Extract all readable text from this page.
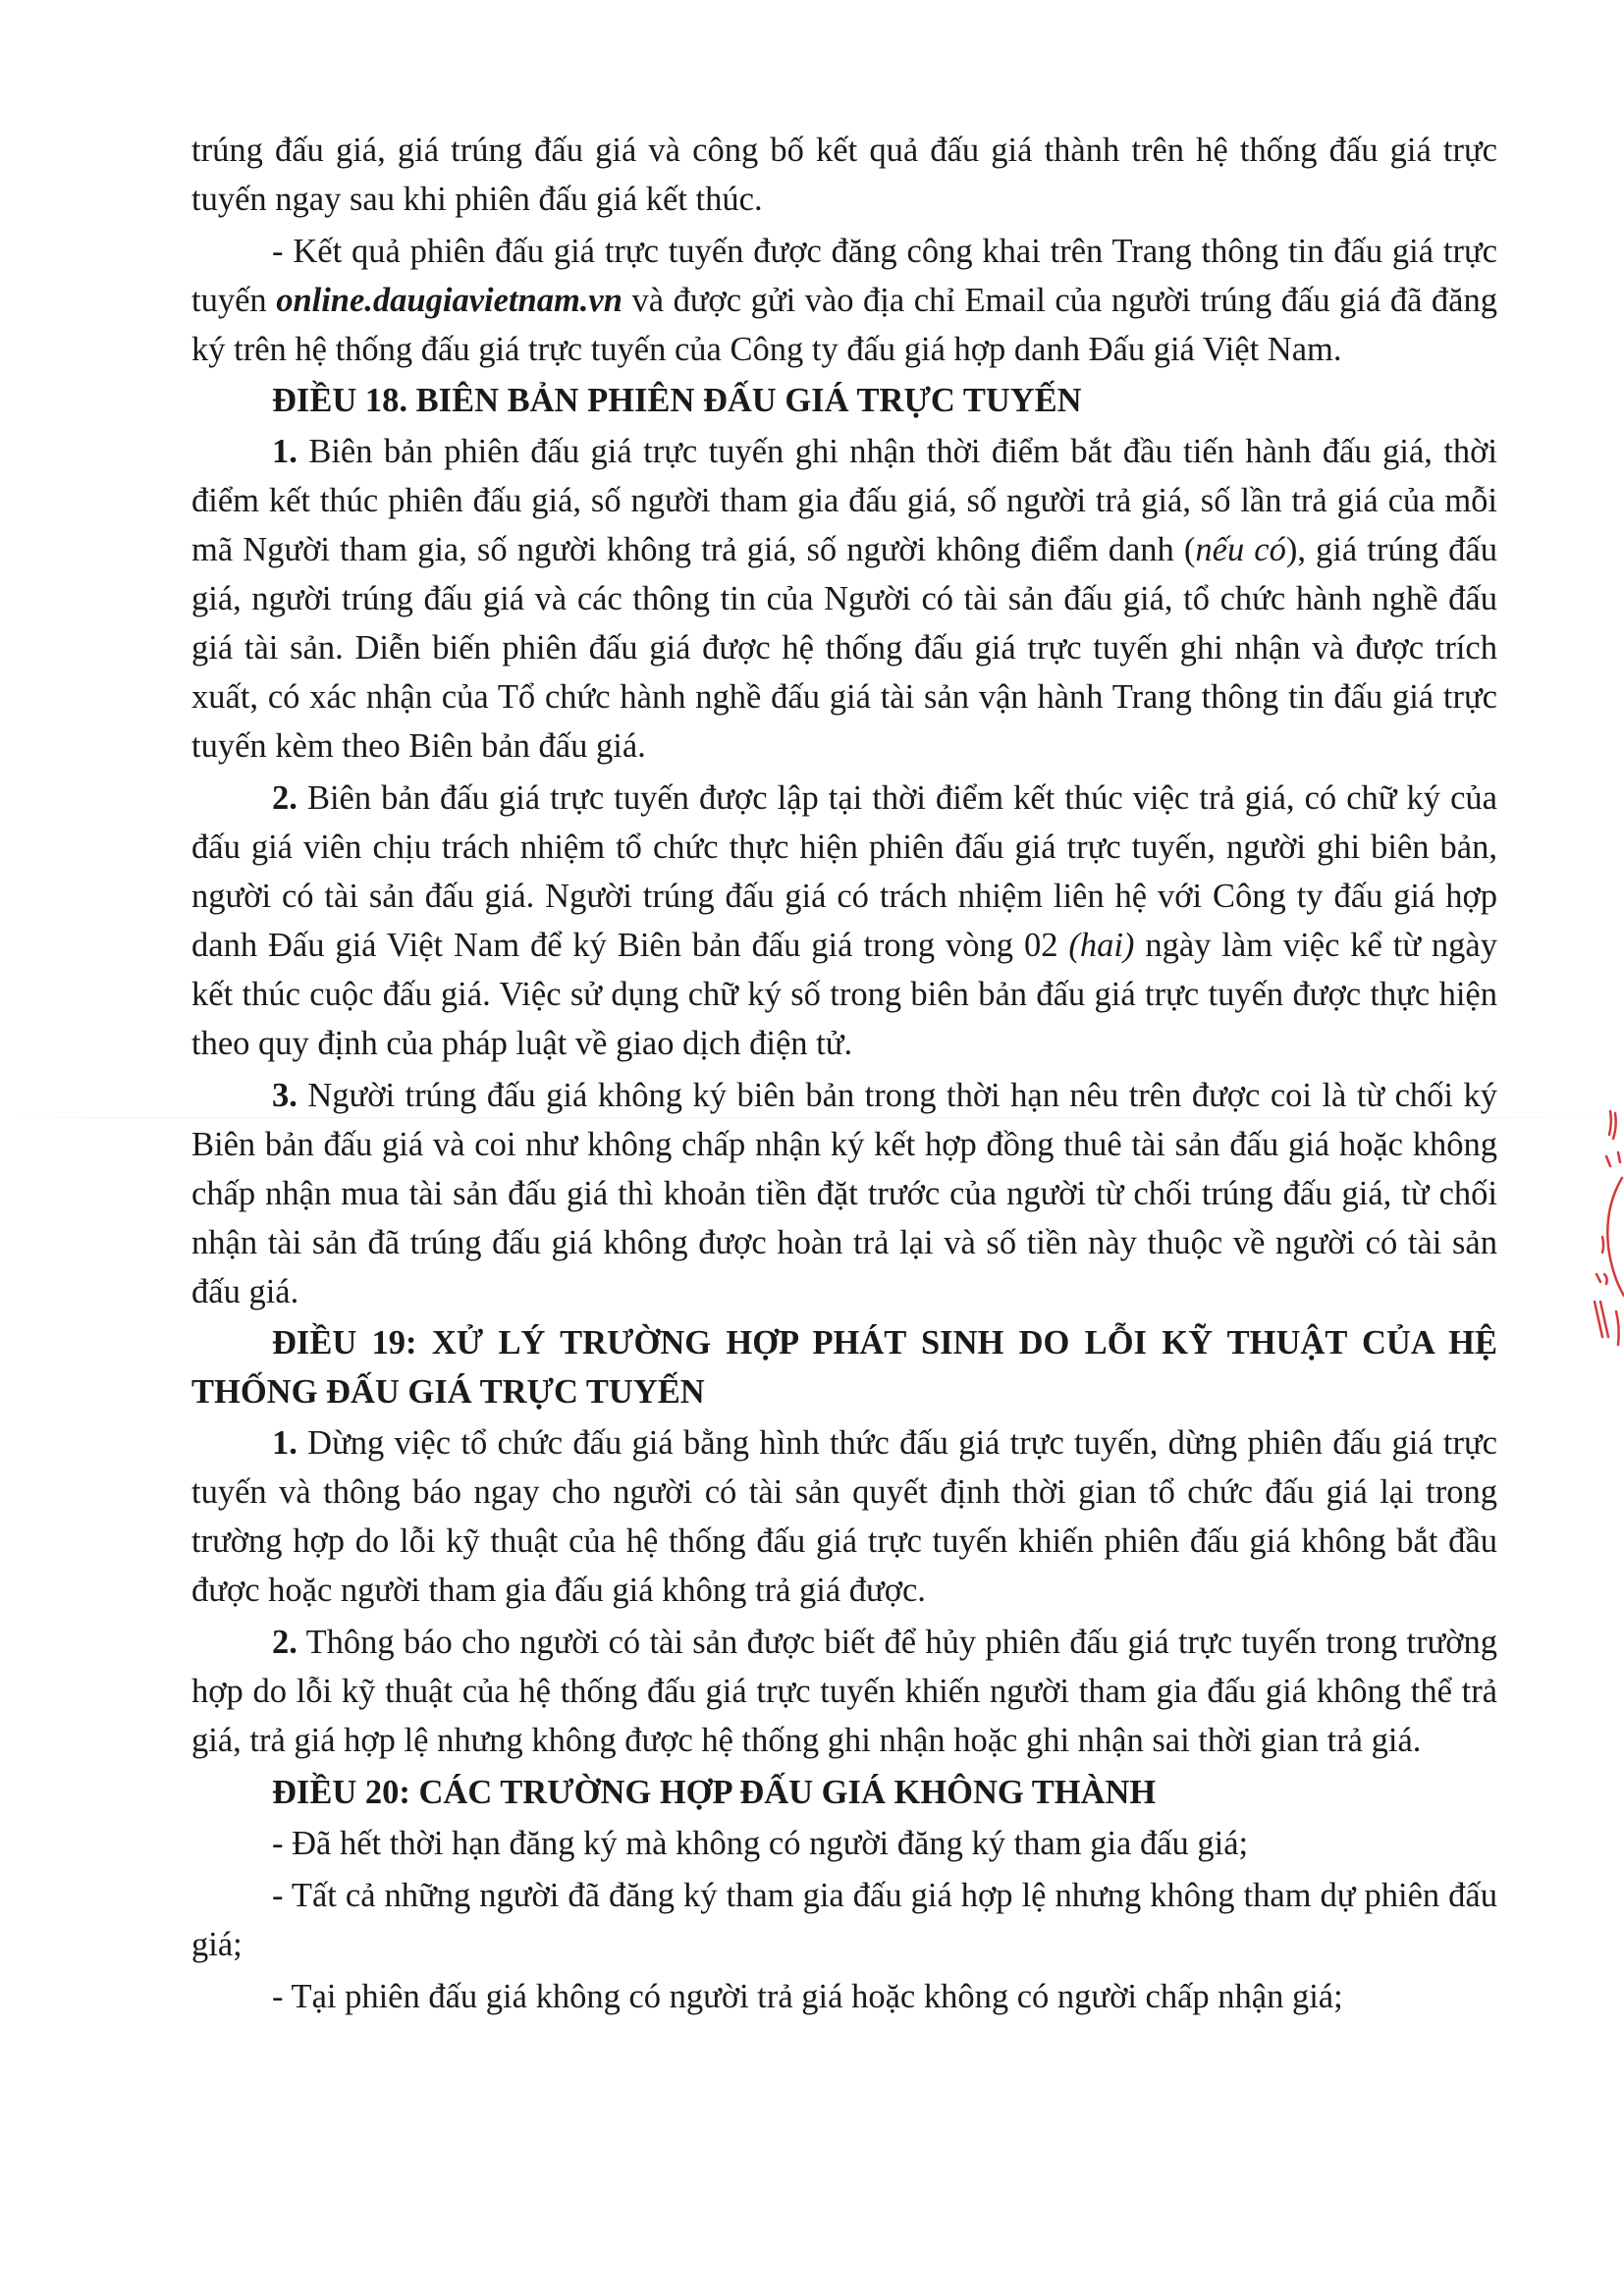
trúng đấu giá, giá trúng đấu giá và công bố kết quả đấu giá thành trên hệ thống đấu giá trực tuyến ngay sau khi phiên đấu giá kết thúc.

- Kết quả phiên đấu giá trực tuyến được đăng công khai trên Trang thông tin đấu giá trực tuyến online.daugiavietnam.vn và được gửi vào địa chỉ Email của người trúng đấu giá đã đăng ký trên hệ thống đấu giá trực tuyến của Công ty đấu giá hợp danh Đấu giá Việt Nam.

ĐIỀU 18. BIÊN BẢN PHIÊN ĐẤU GIÁ TRỰC TUYẾN

1. Biên bản phiên đấu giá trực tuyến ghi nhận thời điểm bắt đầu tiến hành đấu giá, thời điểm kết thúc phiên đấu giá, số người tham gia đấu giá, số người trả giá, số lần trả giá của mỗi mã Người tham gia, số người không trả giá, số người không điểm danh (nếu có), giá trúng đấu giá, người trúng đấu giá và các thông tin của Người có tài sản đấu giá, tổ chức hành nghề đấu giá tài sản. Diễn biến phiên đấu giá được hệ thống đấu giá trực tuyến ghi nhận và được trích xuất, có xác nhận của Tổ chức hành nghề đấu giá tài sản vận hành Trang thông tin đấu giá trực tuyến kèm theo Biên bản đấu giá.

2. Biên bản đấu giá trực tuyến được lập tại thời điểm kết thúc việc trả giá, có chữ ký của đấu giá viên chịu trách nhiệm tổ chức thực hiện phiên đấu giá trực tuyến, người ghi biên bản, người có tài sản đấu giá. Người trúng đấu giá có trách nhiệm liên hệ với Công ty đấu giá hợp danh Đấu giá Việt Nam để ký Biên bản đấu giá trong vòng 02 (hai) ngày làm việc kể từ ngày kết thúc cuộc đấu giá. Việc sử dụng chữ ký số trong biên bản đấu giá trực tuyến được thực hiện theo quy định của pháp luật về giao dịch điện tử.

3. Người trúng đấu giá không ký biên bản trong thời hạn nêu trên được coi là từ chối ký Biên bản đấu giá và coi như không chấp nhận ký kết hợp đồng thuê tài sản đấu giá hoặc không chấp nhận mua tài sản đấu giá thì khoản tiền đặt trước của người từ chối trúng đấu giá, từ chối nhận tài sản đã trúng đấu giá không được hoàn trả lại và số tiền này thuộc về người có tài sản đấu giá.

ĐIỀU 19: XỬ LÝ TRƯỜNG HỢP PHÁT SINH DO LỖI KỸ THUẬT CỦA HỆ THỐNG ĐẤU GIÁ TRỰC TUYẾN

1. Dừng việc tổ chức đấu giá bằng hình thức đấu giá trực tuyến, dừng phiên đấu giá trực tuyến và thông báo ngay cho người có tài sản quyết định thời gian tổ chức đấu giá lại trong trường hợp do lỗi kỹ thuật của hệ thống đấu giá trực tuyến khiến phiên đấu giá không bắt đầu được hoặc người tham gia đấu giá không trả giá được.

2. Thông báo cho người có tài sản được biết để hủy phiên đấu giá trực tuyến trong trường hợp do lỗi kỹ thuật của hệ thống đấu giá trực tuyến khiến người tham gia đấu giá không thể trả giá, trả giá hợp lệ nhưng không được hệ thống ghi nhận hoặc ghi nhận sai thời gian trả giá.

ĐIỀU 20: CÁC TRƯỜNG HỢP ĐẤU GIÁ KHÔNG THÀNH

- Đã hết thời hạn đăng ký mà không có người đăng ký tham gia đấu giá;

- Tất cả những người đã đăng ký tham gia đấu giá hợp lệ nhưng không tham dự phiên đấu giá;

- Tại phiên đấu giá không có người trả giá hoặc không có người chấp nhận giá;
